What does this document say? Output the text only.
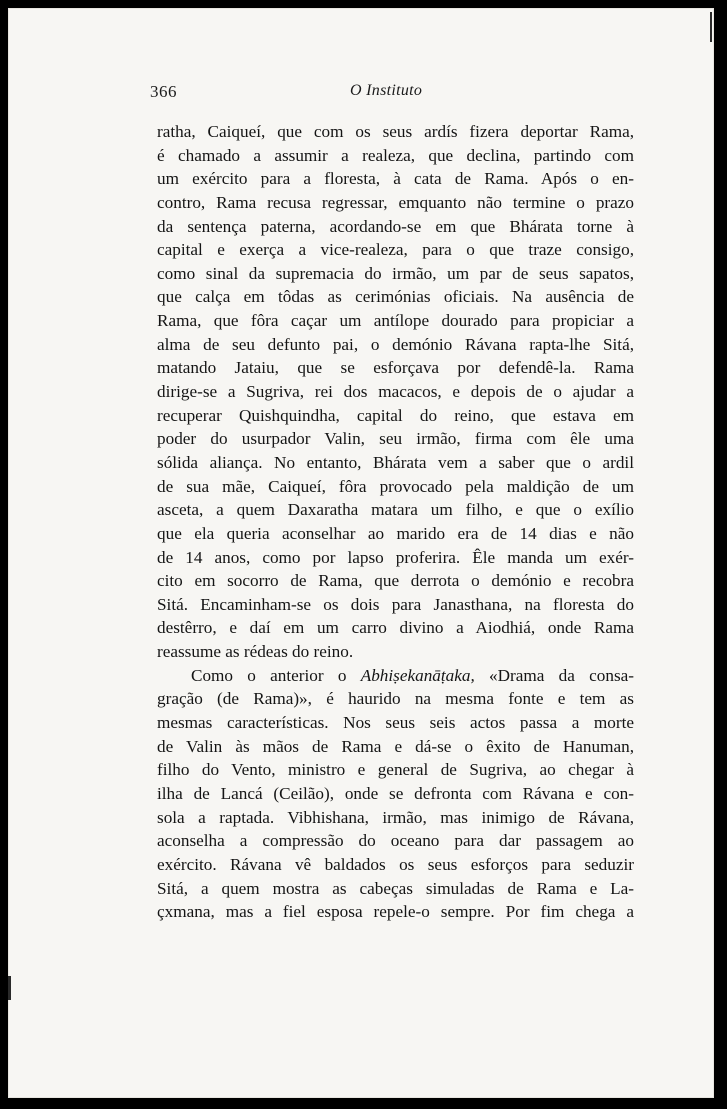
366	O Instituto
ratha, Caiqueí, que com os seus ardís fizera deportar Rama,
é chamado a assumir a realeza, que declina, partindo com
um exército para a floresta, à cata de Rama. Após o en-
contro, Rama recusa regressar, emquanto não termine o prazo
da sentença paterna, acordando-se em que Bhárata torne à
capital e exerça a vice-realeza, para o que traze consigo,
como sinal da supremacia do irmão, um par de seus sapatos,
que calça em tôdas as cerimónias oficiais. Na ausência de
Rama, que fôra caçar um antílope dourado para propiciar a
alma de seu defunto pai, o demónio Rávana rapta-lhe Sitá,
matando Jataiu, que se esforçava por defendê-la. Rama
dirige-se a Sugriva, rei dos macacos, e depois de o ajudar a
recuperar Quishquindha, capital do reino, que estava em
poder do usurpador Valin, seu irmão, firma com êle uma
sólida aliança. No entanto, Bhárata vem a saber que o ardil
de sua mãe, Caiqueí, fôra provocado pela maldição de um
asceta, a quem Daxaratha matara um filho, e que o exílio
que ela queria aconselhar ao marido era de 14 dias e não
de 14 anos, como por lapso proferira. Êle manda um exér-
cito em socorro de Rama, que derrota o demónio e recobra
Sitá. Encaminham-se os dois para Janasthana, na floresta do
destêrro, e daí em um carro divino a Aiodhiá, onde Rama
reassume as rédeas do reino.
Como o anterior o Abhiṣekanāṭaka, «Drama da consa-
gração (de Rama)», é haurido na mesma fonte e tem as
mesmas características. Nos seus seis actos passa a morte
de Valin às mãos de Rama e dá-se o êxito de Hanuman,
filho do Vento, ministro e general de Sugriva, ao chegar à
ilha de Lancá (Ceilão), onde se defronta com Rávana e con-
sola a raptada. Vibhishana, irmão, mas inimigo de Rávana,
aconselha a compressão do oceano para dar passagem ao
exército. Rávana vê baldados os seus esforços para seduzir
Sitá, a quem mostra as cabeças simuladas de Rama e La-
çxmana, mas a fiel esposa repele-o sempre. Por fim chega a
